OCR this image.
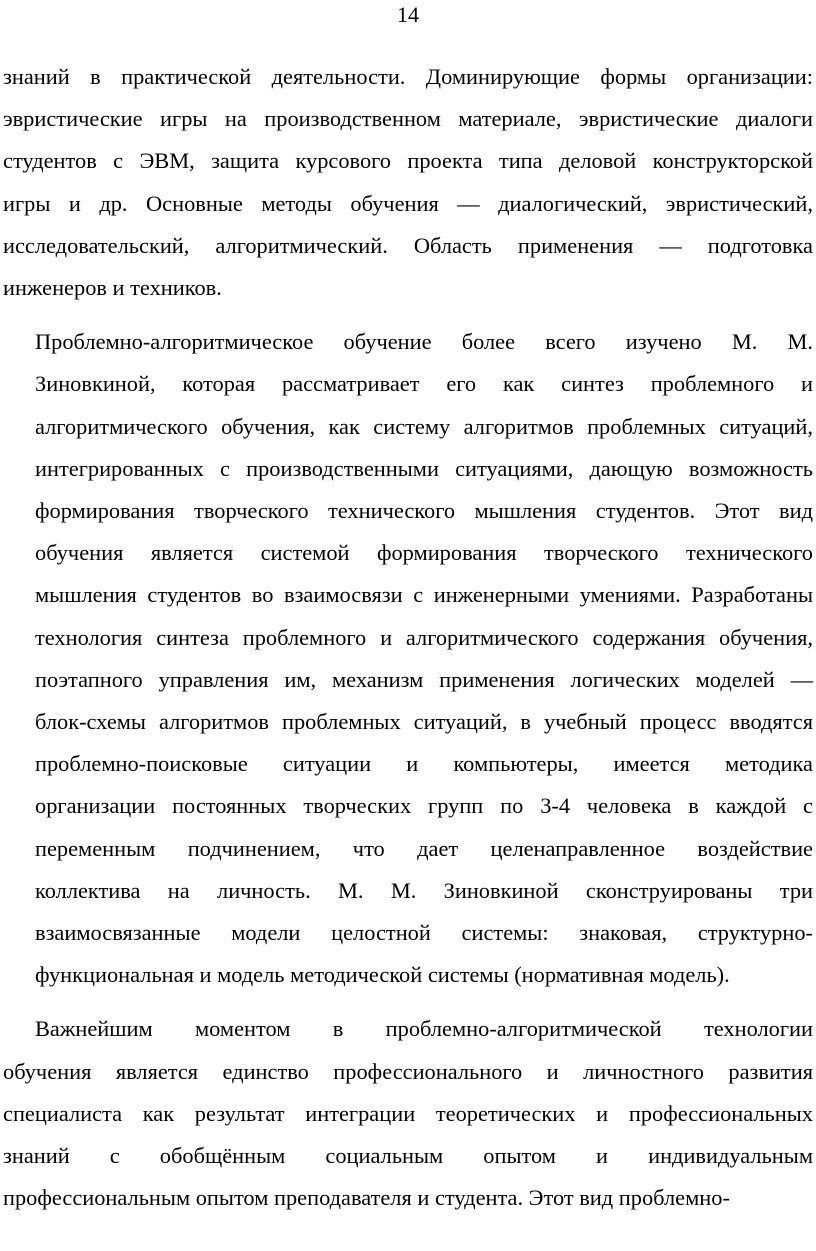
14

знаний в практической деятельности. Доминирующие формы организации:
эвристические игры на производственном материале, эвристические диалоги
студентов с ЭВМ, защита курсового проекта типа деловой конструкторской
игры и др. Основные методы обучения — диалогический, эвристический,
исследовательский, алгоритмический. Область применения — подготовка
инженеров и техников.

Проблемно-алгоритмическое обучение более всего изучено М. М.
Зиновкиной, которая рассматривает его как синтез проблемного и
алгоритмического обучения, как систему алгоритмов проблемных ситуаций,
интегрированных с производственными ситуациями, дающую возможность
формирования творческого технического мышления студентов. Этот вид
обучения является системой формирования творческого технического
мышления студентов во взаимосвязи с инженерными умениями. Разработаны
технология синтеза проблемного и алгоритмического содержания обучения,
поэтапного управления им, механизм применения логических моделей —
блок-схемы алгоритмов проблемных ситуаций, в учебный процесс вводятся
проблемно-поисковые ситуации и компьютеры, имеется методика
организации постоянных творческих групп по 3-4 человека в каждой с
переменным подчинением, что дает целенаправленное воздействие
коллектива на личность. М. М. Зиновкиной сконструированы три
взаимосвязанные модели целостной системы: знаковая, структурно-
функциональная и модель методической системы (нормативная модель).

Важнейшим моментом в проблемно-алгоритмической технологии
обучения является единство профессионального и личностного развития
специалиста как результат интеграции теоретических и профессиональных
знаний с обобщённым социальным опытом и индивидуальным
профессиональным опытом преподавателя и студента. Этот вид проблемно-
